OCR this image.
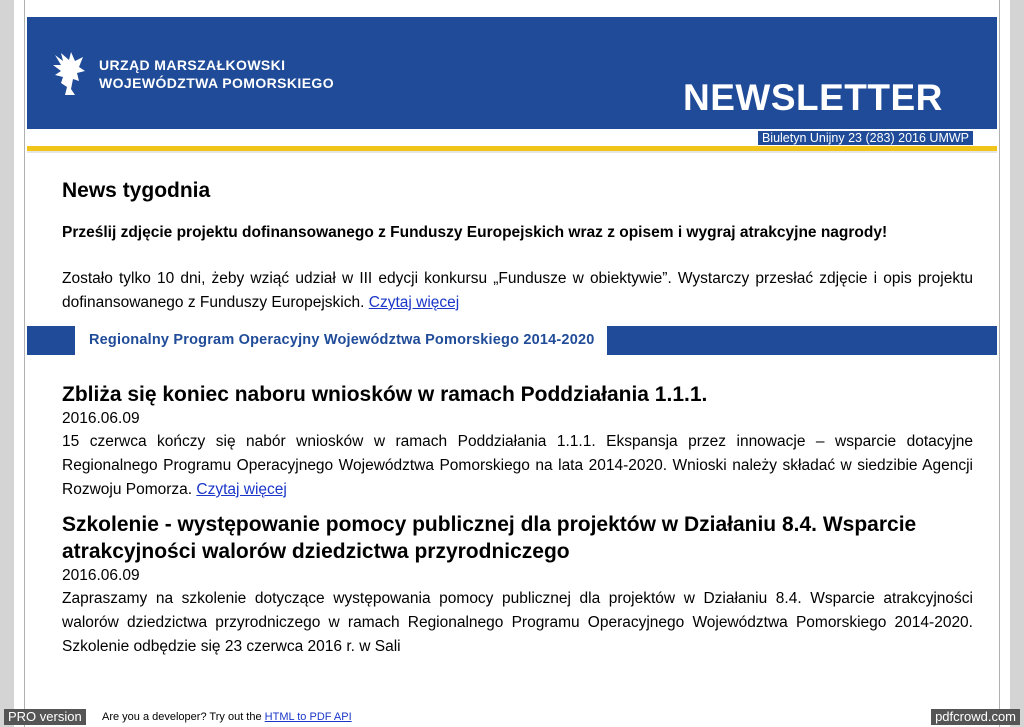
URZĄD MARSZAŁKOWSKI
WOJEWÓDZTWA POMORSKIEGO	NEWSLETTER
Biuletyn Unijny 23 (283) 2016 UMWP
News tygodnia

Prześlij zdjęcie projektu dofinansowanego z Funduszy Europejskich wraz z opisem i wygraj atrakcyjne nagrody!

Zostało tylko 10 dni, żeby wziąć udział w III edycji konkursu „Fundusze w obiektywie”. Wystarczy przesłać zdjęcie i opis projektu dofinansowanego z Funduszy Europejskich. Czytaj więcej

Regionalny Program Operacyjny Województwa Pomorskiego 2014-2020
Zbliża się koniec naboru wniosków w ramach Poddziałania 1.1.1.
2016.06.09
15 czerwca kończy się nabór wniosków w ramach Poddziałania 1.1.1. Ekspansja przez innowacje – wsparcie dotacyjne Regionalnego Programu Operacyjnego Województwa Pomorskiego na lata 2014-2020. Wnioski należy składać w siedzibie Agencji Rozwoju Pomorza. Czytaj więcej
Szkolenie - występowanie pomocy publicznej dla projektów w Działaniu 8.4. Wsparcie atrakcyjności walorów dziedzictwa przyrodniczego
2016.06.09
Zapraszamy na szkolenie dotyczące występowania pomocy publicznej dla projektów w Działaniu 8.4. Wsparcie atrakcyjności walorów dziedzictwa przyrodniczego w ramach Regionalnego Programu Operacyjnego Województwa Pomorskiego 2014-2020. Szkolenie odbędzie się 23 czerwca 2016 r. w Sali
PRO version	Are you a developer? Try out the HTML to PDF API	pdfcrowd.com
